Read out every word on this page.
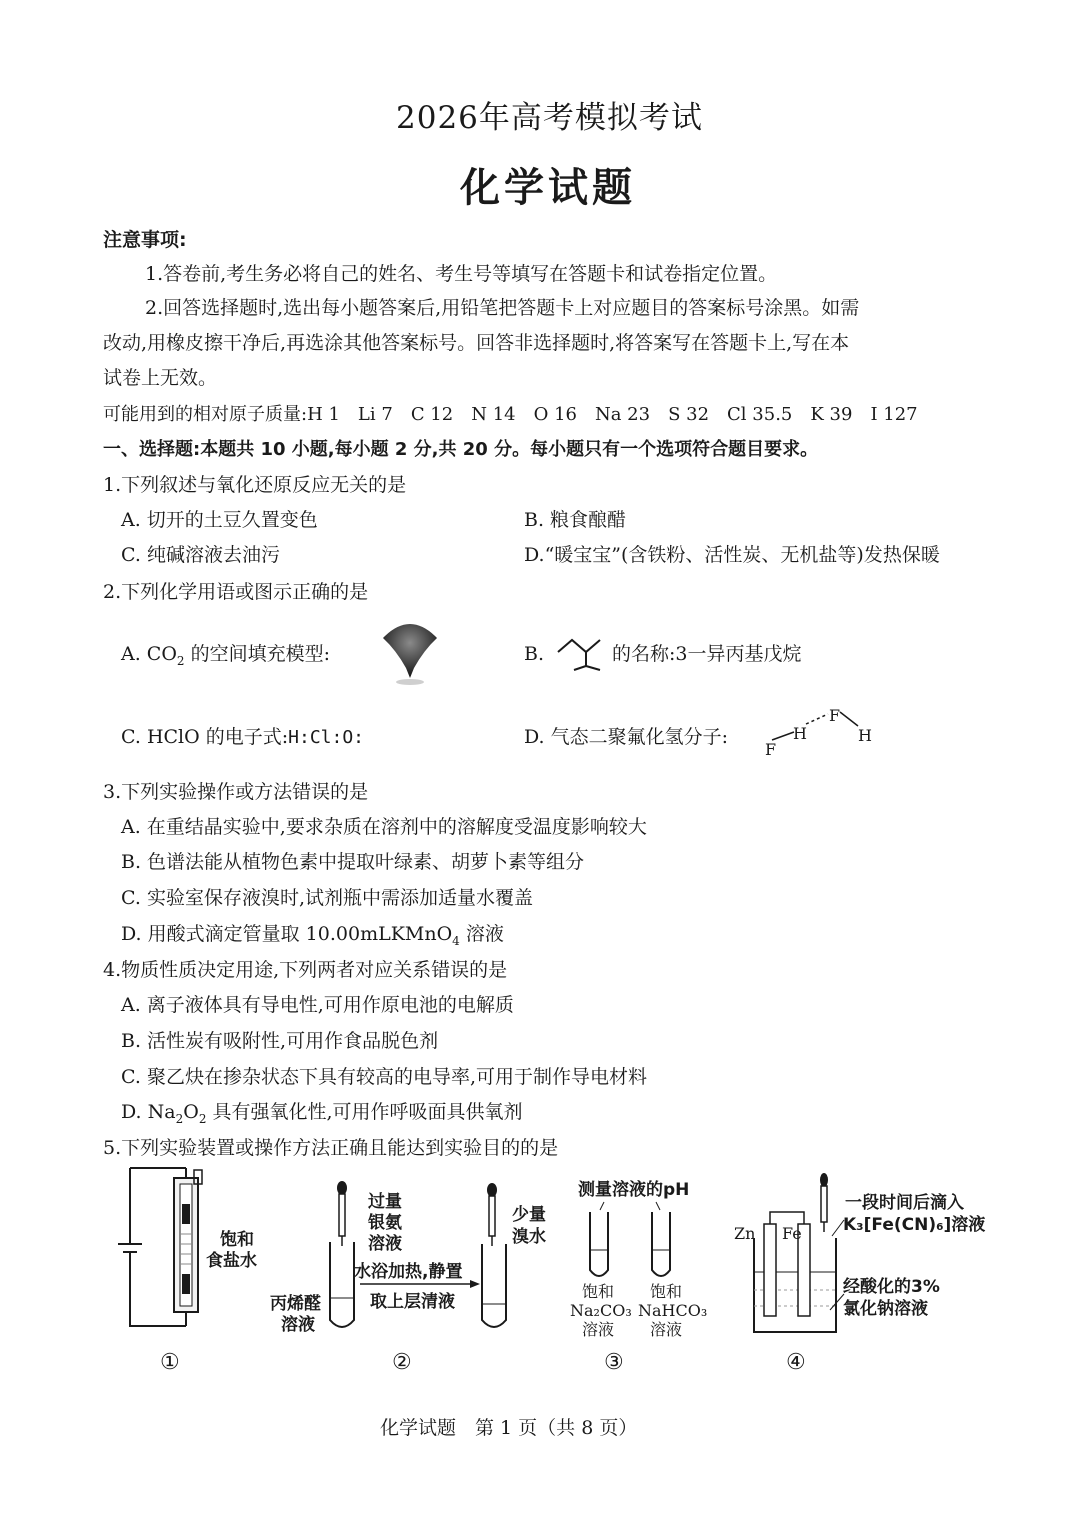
2026年高考模拟考试
化学试题
注意事项:
1.答卷前,考生务必将自己的姓名、考生号等填写在答题卡和试卷指定位置。
2.回答选择题时,选出每小题答案后,用铅笔把答题卡上对应题目的答案标号涂黑。如需
改动,用橡皮擦干净后,再选涂其他答案标号。回答非选择题时,将答案写在答题卡上,写在本
试卷上无效。
可能用到的相对原子质量:H 1　Li 7　C 12　N 14　O 16　Na 23　S 32　Cl 35.5　K 39　I 127
一、选择题:本题共 10 小题,每小题 2 分,共 20 分。每小题只有一个选项符合题目要求。
1.下列叙述与氧化还原反应无关的是
A. 切开的土豆久置变色	B. 粮食酿醋
C. 纯碱溶液去油污	D.“暖宝宝”(含铁粉、活性炭、无机盐等)发热保暖
2.下列化学用语或图示正确的是
A. $CO_2$ 的空间填充模型:	B.	的名称:3一异丙基戊烷
C. HClO 的电子式:H:Cl:O:	D. 气态二聚氟化氢分子:
F
H
F
H
3.下列实验操作或方法错误的是
A. 在重结晶实验中,要求杂质在溶剂中的溶解度受温度影响较大
B. 色谱法能从植物色素中提取叶绿素、胡萝卜素等组分
C. 实验室保存液溴时,试剂瓶中需添加适量水覆盖
D. 用酸式滴定管量取 10.00mLKMnO$_4$ 溶液
4.物质性质决定用途,下列两者对应关系错误的是
A. 离子液体具有导电性,可用作原电池的电解质
B. 活性炭有吸附性,可用作食品脱色剂
C. 聚乙炔在掺杂状态下具有较高的电导率,可用于制作导电材料
D. $Na_2O_2$ 具有强氧化性,可用作呼吸面具供氧剂
5.下列实验装置或操作方法正确且能达到实验目的的是
饱和
食盐水
①
过量
银氨
溶液
水浴加热,静置
取上层清液
丙烯醛
溶液
少量
溴水
②
测量溶液的pH
饱和
Na₂CO₃
溶液
饱和
NaHCO₃
溶液
③
Zn Fe
一段时间后滴入
K₃[Fe(CN)₆]溶液
经酸化的3%
氯化钠溶液
④
化学试题　第 1 页（共 8 页）
